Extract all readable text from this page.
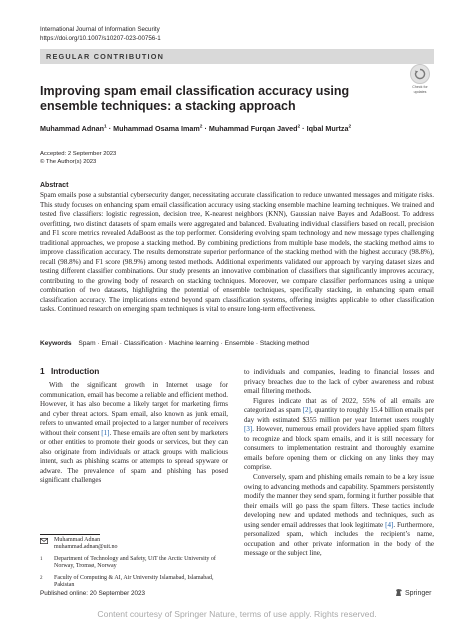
International Journal of Information Security
https://doi.org/10.1007/s10207-023-00756-1
REGULAR CONTRIBUTION
Check for
updates
Improving spam email classification accuracy using ensemble techniques: a stacking approach
Muhammad Adnan$^1$ · Muhammad Osama Imam$^2$ · Muhammad Furqan Javed$^2$ · Iqbal Murtza$^2$
Accepted: 2 September 2023
© The Author(s) 2023
Abstract
Spam emails pose a substantial cybersecurity danger, necessitating accurate classification to reduce unwanted messages and mitigate risks. This study focuses on enhancing spam email classification accuracy using stacking ensemble machine learning techniques. We trained and tested five classifiers: logistic regression, decision tree, K-nearest neighbors (KNN), Gaussian naive Bayes and AdaBoost. To address overfitting, two distinct datasets of spam emails were aggregated and balanced. Evaluating individual classifiers based on recall, precision and F1 score metrics revealed AdaBoost as the top performer. Considering evolving spam technology and new message types challenging traditional approaches, we propose a stacking method. By combining predictions from multiple base models, the stacking method aims to improve classification accuracy. The results demonstrate superior performance of the stacking method with the highest accuracy (98.8%), recall (98.8%) and F1 score (98.9%) among tested methods. Additional experiments validated our approach by varying dataset sizes and testing different classifier combinations. Our study presents an innovative combination of classifiers that significantly improves accuracy, contributing to the growing body of research on stacking techniques. Moreover, we compare classifier performances using a unique combination of two datasets, highlighting the potential of ensemble techniques, specifically stacking, in enhancing spam email classification accuracy. The implications extend beyond spam classification systems, offering insights applicable to other classification tasks. Continued research on emerging spam techniques is vital to ensure long-term effectiveness.
Keywords Spam · Email · Classification · Machine learning · Ensemble · Stacking method
1 Introduction

With the significant growth in Internet usage for communication, email has become a reliable and efficient method. However, it has also become a likely target for marketing firms and cyber threat actors. Spam email, also known as junk email, refers to unwanted email projected to a larger number of receivers without their consent [1]. These emails are often sent by marketers or other entities to promote their goods or services, but they can also originate from individuals or attack groups with malicious intent, such as phishing scams or attempts to spread spyware or adware. The prevalence of spam and phishing has posed significant challenges

to individuals and companies, leading to financial losses and privacy breaches due to the lack of cyber awareness and robust email filtering methods.

Figures indicate that as of 2022, 55% of all emails are categorized as spam [2], quantity to roughly 15.4 billion emails per day with estimated $355 million per year Internet users roughly [3]. However, numerous email providers have applied spam filters to recognize and block spam emails, and it is still necessary for consumers to implementation restraint and thoroughly examine emails before opening them or clicking on any links they may comprise.

Conversely, spam and phishing emails remain to be a key issue owing to advancing methods and capability. Spammers persistently modify the manner they send spam, forming it further possible that their emails will go pass the spam filters. These tactics include developing new and updated methods and techniques, such as using sender email addresses that look legitimate [4]. Furthermore, personalized spam, which includes the recipient’s name, occupation and other private information in the body of the message or the subject line,

Muhammad Adnan
muhammad.adnan@uit.no
1 Department of Technology and Safety, UiT the Arctic University of Norway, Tromsø, Norway
2 Faculty of Computing & AI, Air University Islamabad, Islamabad, Pakistan
Published online: 20 September 2023	Springer
Content courtesy of Springer Nature, terms of use apply. Rights reserved.
